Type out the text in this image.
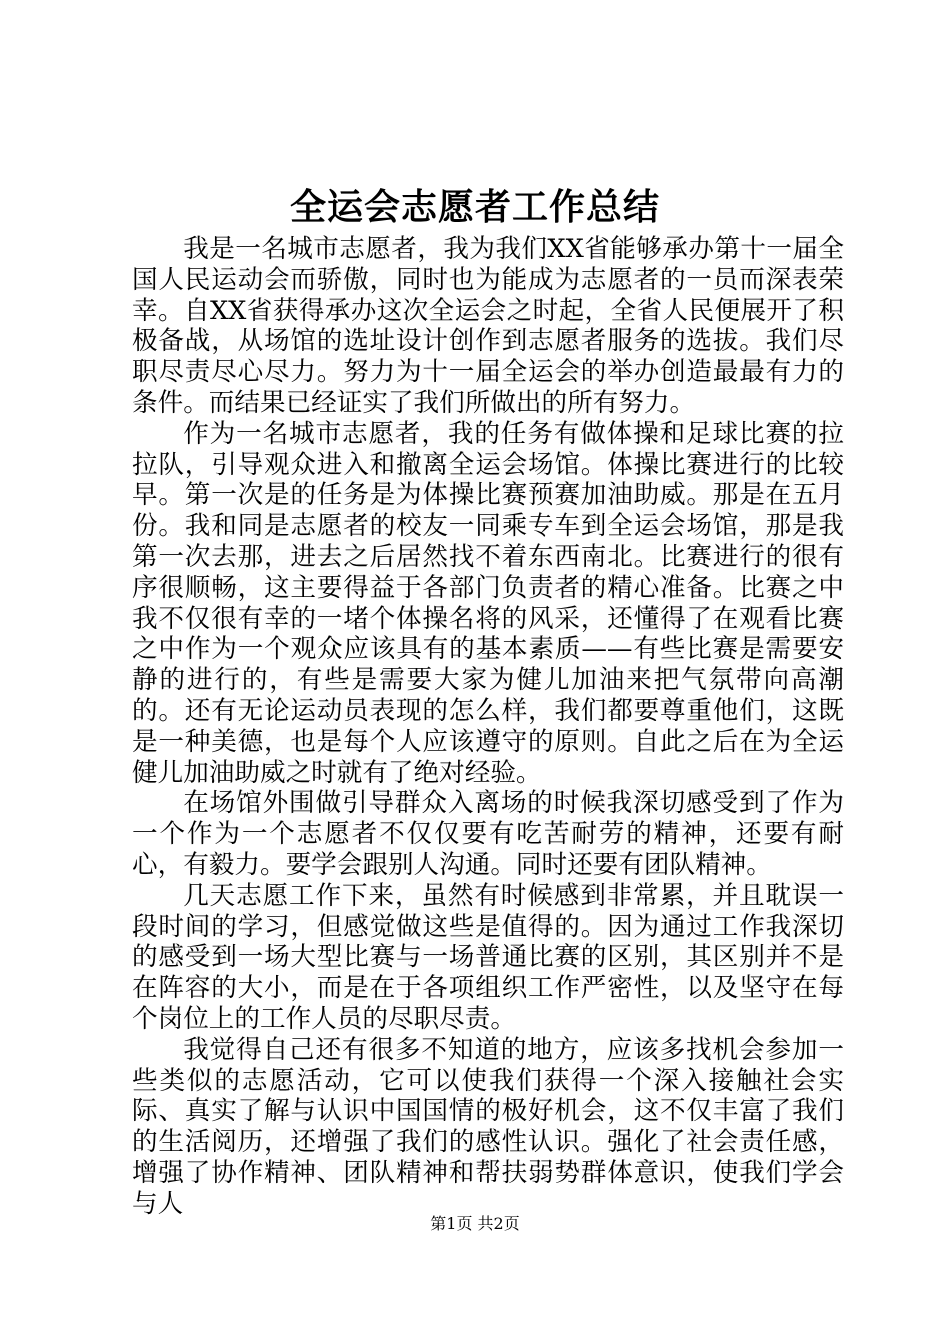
全运会志愿者工作总结

我是一名城市志愿者，我为我们XX省能够承办第十一届全国人民运动会而骄傲，同时也为能成为志愿者的一员而深表荣幸。自XX省获得承办这次全运会之时起，全省人民便展开了积极备战，从场馆的选址设计创作到志愿者服务的选拔。我们尽职尽责尽心尽力。努力为十一届全运会的举办创造最最有力的条件。而结果已经证实了我们所做出的所有努力。

作为一名城市志愿者，我的任务有做体操和足球比赛的拉拉队，引导观众进入和撤离全运会场馆。体操比赛进行的比较早。第一次是的任务是为体操比赛预赛加油助威。那是在五月份。我和同是志愿者的校友一同乘专车到全运会场馆，那是我第一次去那，进去之后居然找不着东西南北。比赛进行的很有序很顺畅，这主要得益于各部门负责者的精心准备。比赛之中我不仅很有幸的一堵个体操名将的风采，还懂得了在观看比赛之中作为一个观众应该具有的基本素质——有些比赛是需要安静的进行的，有些是需要大家为健儿加油来把气氛带向高潮的。还有无论运动员表现的怎么样，我们都要尊重他们，这既是一种美德，也是每个人应该遵守的原则。自此之后在为全运健儿加油助威之时就有了绝对经验。

在场馆外围做引导群众入离场的时候我深切感受到了作为一个作为一个志愿者不仅仅要有吃苦耐劳的精神，还要有耐心，有毅力。要学会跟别人沟通。同时还要有团队精神。

几天志愿工作下来，虽然有时候感到非常累，并且耽误一段时间的学习，但感觉做这些是值得的。因为通过工作我深切的感受到一场大型比赛与一场普通比赛的区别，其区别并不是在阵容的大小，而是在于各项组织工作严密性，以及坚守在每个岗位上的工作人员的尽职尽责。

我觉得自己还有很多不知道的地方，应该多找机会参加一些类似的志愿活动，它可以使我们获得一个深入接触社会实际、真实了解与认识中国国情的极好机会，这不仅丰富了我们的生活阅历，还增强了我们的感性认识。强化了社会责任感，增强了协作精神、团队精神和帮扶弱势群体意识，使我们学会与人

第1页 共2页
